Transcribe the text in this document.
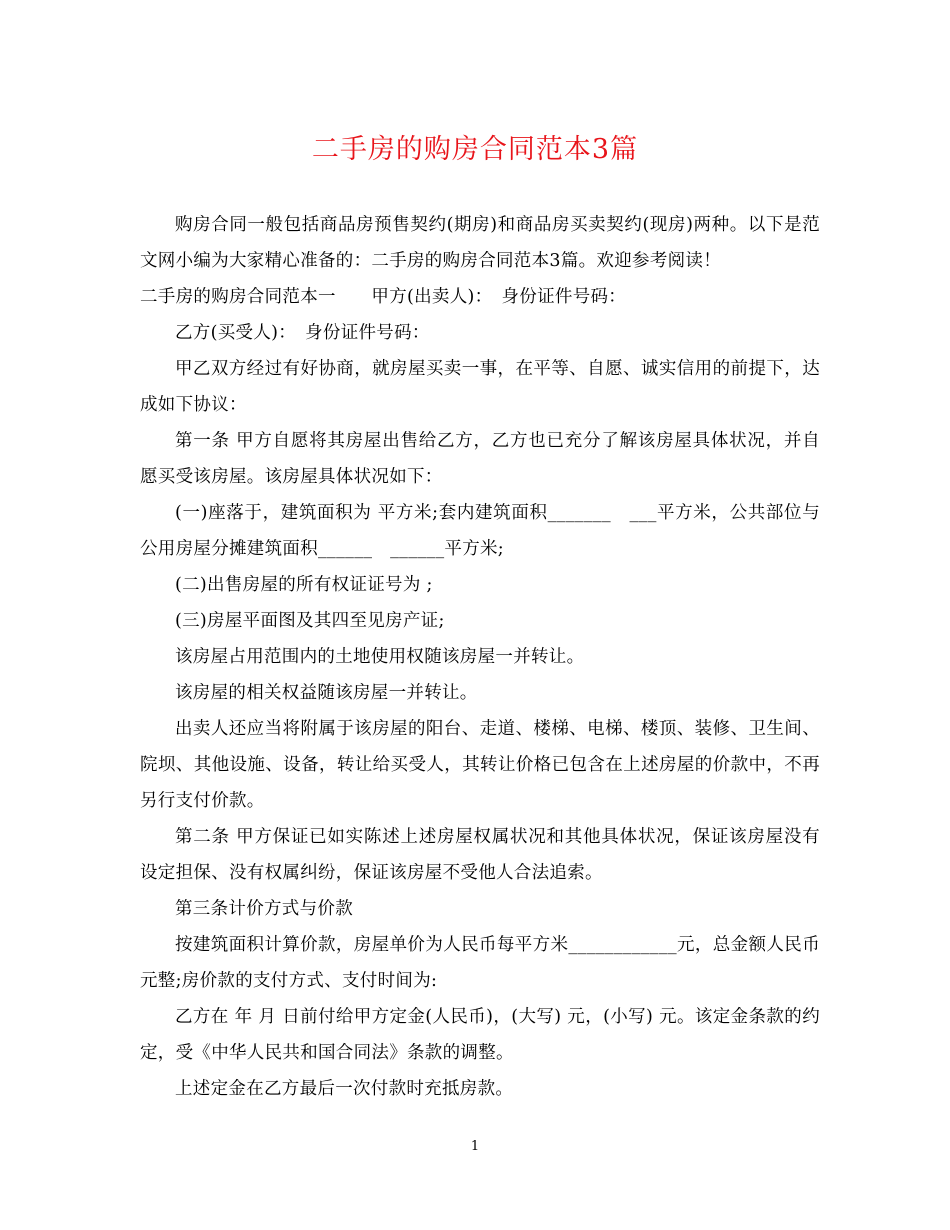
二手房的购房合同范本3篇

购房合同一般包括商品房预售契约(期房)和商品房买卖契约(现房)两种。以下是范文网小编为大家精心准备的：二手房的购房合同范本3篇。欢迎参考阅读！

二手房的购房合同范本一　　甲方(出卖人)：　身份证件号码：

乙方(买受人)：　身份证件号码：

甲乙双方经过有好协商，就房屋买卖一事，在平等、自愿、诚实信用的前提下，达成如下协议：

第一条 甲方自愿将其房屋出售给乙方，乙方也已充分了解该房屋具体状况，并自愿买受该房屋。该房屋具体状况如下：

(一)座落于，建筑面积为 平方米;套内建筑面积_______　___平方米，公共部位与公用房屋分摊建筑面积______　______平方米;

(二)出售房屋的所有权证证号为 ;

(三)房屋平面图及其四至见房产证;

该房屋占用范围内的土地使用权随该房屋一并转让。

该房屋的相关权益随该房屋一并转让。

出卖人还应当将附属于该房屋的阳台、走道、楼梯、电梯、楼顶、装修、卫生间、院坝、其他设施、设备，转让给买受人，其转让价格已包含在上述房屋的价款中，不再另行支付价款。

第二条 甲方保证已如实陈述上述房屋权属状况和其他具体状况，保证该房屋没有设定担保、没有权属纠纷，保证该房屋不受他人合法追索。

第三条计价方式与价款

按建筑面积计算价款，房屋单价为人民币每平方米____________元，总金额人民币元整;房价款的支付方式、支付时间为:

乙方在 年 月 日前付给甲方定金(人民币)，(大写) 元，(小写) 元。该定金条款的约定，受《中华人民共和国合同法》条款的调整。

上述定金在乙方最后一次付款时充抵房款。

1
